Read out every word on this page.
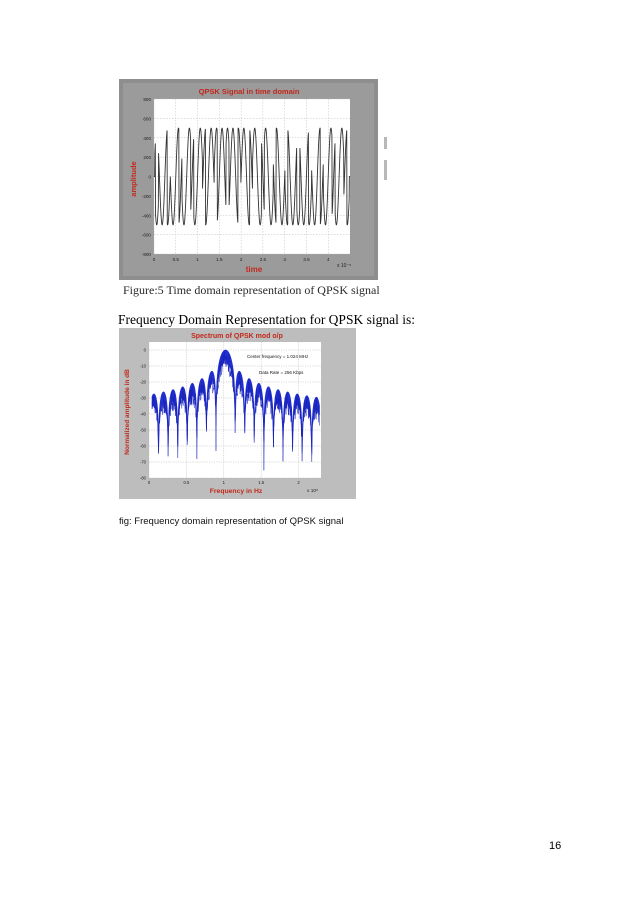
800
600
400
200
0
-200
-400
-600
-800
0	0.5	1	1.5	2	2.5	3	3.5	4
QPSK Signal in time domain
time
amplitude
x 10⁻⁵
Figure:5 Time domain representation of QPSK signal
Frequency Domain Representation for QPSK signal is:
0
-10
-20
-30
-40
-50
-60
-70
-80
0	0.5	1	1.5	2
Spectrum of QPSK mod o/p
Frequency in Hz
Normalized amplitude in dB
Center frequency = 1.024 MHz
Data Rate = 256 Kbps
x 10⁶
fig: Frequency domain representation of QPSK signal
16
